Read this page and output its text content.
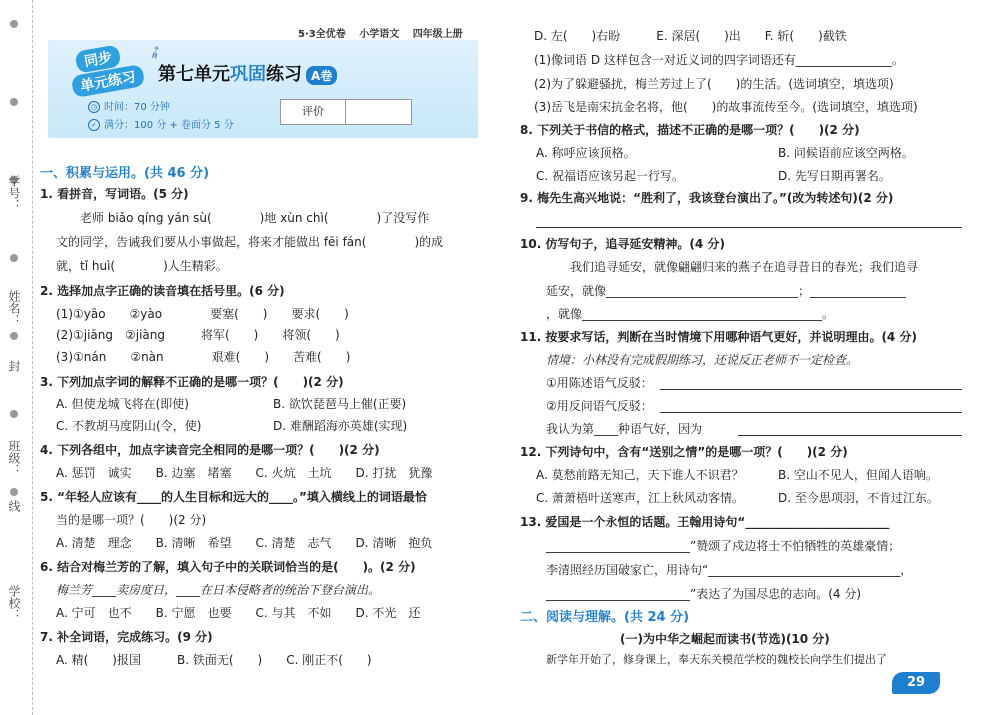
学号：
姓名：
封
班级：
线
学校：
5·3全优卷 小学语文 四年级上册
同步
单元练习
➶
第七单元巩固练习 A卷
◷ 时间：70 分钟
✓ 满分：100 分 + 卷面分 5 分
评价
一、积累与运用。(共 46 分)
1. 看拼音，写词语。(5 分)
老师 biǎo qíng yán sù(　　　　)地 xùn chì(　　　　)了没写作
文的同学，告诫我们要从小事做起，将来才能做出 fēi fán(　　　　)的成
就，tǐ huì(　　　　)人生精彩。
2. 选择加点字正确的读音填在括号里。(6 分)
(1)①yāo　　②yào　　　　要塞(　　)　　要求(　　)
(2)①jiāng　②jiàng　　　将军(　　)　　将领(　　)
(3)①nán　　②nàn　　　　艰难(　　)　　苦难(　　)
3. 下列加点字词的解释不正确的是哪一项？(　　)(2 分)
A. 但使龙城飞将在(即使)	B. 欲饮琵琶马上催(正要)
C. 不教胡马度阴山(令，使)	D. 难酬蹈海亦英雄(实现)
4. 下列各组中，加点字读音完全相同的是哪一项？(　　)(2 分)
A. 惩罚　诚实　　B. 边塞　堵塞　　C. 火炕　土坑　　D. 打扰　犹豫
5. “年轻人应该有____的人生目标和远大的____。”填入横线上的词语最恰
当的是哪一项？(　　)(2 分)
A. 清楚　理念　　B. 清晰　希望　　C. 清楚　志气　　D. 清晰　抱负
6. 结合对梅兰芳的了解，填入句子中的关联词恰当的是(　　)。(2 分)
梅兰芳____卖房度日，____在日本侵略者的统治下登台演出。
A. 宁可　也不　　B. 宁愿　也要　　C. 与其　不如　　D. 不光　还
7. 补全词语，完成练习。(9 分)
A. 精(　　)报国　　　B. 铁面无(　　)　　C. 刚正不(　　)
D. 左(　　)右盼　　　E. 深居(　　)出　　F. 斩(　　)截铁
(1)像词语 D 这样包含一对近义词的四字词语还有________________。
(2)为了躲避骚扰，梅兰芳过上了(　　)的生活。(选词填空，填选项)
(3)岳飞是南宋抗金名将，他(　　)的故事流传至今。(选词填空，填选项)
8. 下列关于书信的格式，描述不正确的是哪一项？(　　)(2 分)
A. 称呼应该顶格。	B. 问候语前应该空两格。
C. 祝福语应该另起一行写。	D. 先写日期再署名。
9. 梅先生高兴地说：“胜利了，我该登台演出了。”(改为转述句)(2 分)
10. 仿写句子，追寻延安精神。(4 分)
我们追寻延安，就像翩翩归来的燕子在追寻昔日的春光；我们追寻
延安，就像________________________________；________________
，就像________________________________________。
11. 按要求写话，判断在当时情境下用哪种语气更好，并说明理由。(4 分)
情境：小林没有完成假期练习，还说反正老师不一定检查。
①用陈述语气反驳：
②用反问语气反驳：
我认为第____种语气好，因为
12. 下列诗句中，含有“送别之情”的是哪一项？(　　)(2 分)
A. 莫愁前路无知己，天下谁人不识君？	B. 空山不见人，但闻人语响。
C. 萧萧梧叶送寒声，江上秋风动客情。	D. 至今思项羽，不肯过江东。
13. 爱国是一个永恒的话题。王翰用诗句“________________________
________________________”赞颂了戍边将士不怕牺牲的英雄豪情；
李清照经历国破家亡，用诗句“________________________________，
________________________”表达了为国尽忠的志向。(4 分)
二、阅读与理解。(共 24 分)
(一)为中华之崛起而读书(节选)(10 分)
新学年开始了，修身课上，奉天东关模范学校的魏校长向学生们提出了
29
